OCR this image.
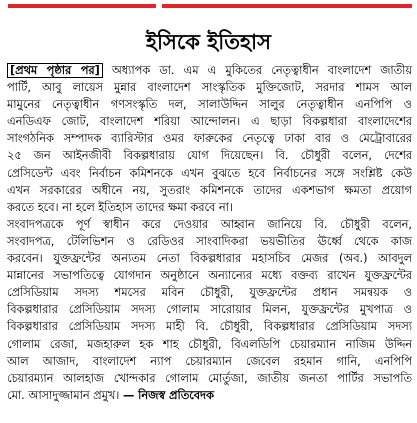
ইসিকে ইতিহাস

[প্রথম পৃষ্ঠার পর] অধ্যাপক ডা. এম এ মুকিতের নেতৃত্বাধীন বাংলাদেশ জাতীয়

পার্টি, আবু লায়েস মুন্নার বাংলাদেশ সাংস্কৃতিক মুক্তিজোট, সরদার শামস আল

মামুনের নেতৃত্বাধীন গণসংস্কৃতি দল, সালাউদ্দিন সালুর নেতৃত্বাধীন এনপিপি ও

এনডিএফ জোট, বাংলাদেশ শরিয়া আন্দোলন। এ ছাড়া বিকল্পধারা বাংলাদেশের

সাংগঠনিক সম্পাদক ব্যারিস্টার ওমর ফারুকের নেতৃত্বে ঢাকা বার ও মেট্রোবারের

২৫ জন আইনজীবী বিকল্পধারায় যোগ দিয়েছেন। বি. চৌধুরী বলেন, দেশের

প্রেসিডেন্ট এবং নির্বাচন কমিশনকে এখন বুঝতে হবে নির্বাচনের সঙ্গে সংশ্লিষ্ট কেউ

এখন সরকারের অধীনে নয়, সুতরাং কমিশনকে তাদের একশভাগ ক্ষমতা প্রয়োগ

করতে হবে। না হলে ইতিহাস তাদের ক্ষমা করবে না।

সংবাদপত্রকে পূর্ণ স্বাধীন করে দেওয়ার আহ্বান জানিয়ে বি. চৌধুরী বলেন,

সংবাদপত্র, টেলিভিশন ও রেডিওর সাংবাদিকরা ভয়ভীতির ঊর্ধ্বে থেকে কাজ

করবেন। যুক্তফ্রন্টের অন্যতম নেতা বিকল্পধারার মহাসচিব মেজর (অব.) আবদুল

মান্নানের সভাপতিত্বে যোগদান অনুষ্ঠানে অন্যান্যের মধ্যে বক্তব্য রাখেন যুক্তফ্রন্টের

প্রেসিডিয়াম সদস্য শমসের মবিন চৌধুরী, যুক্তফ্রন্টের প্রধান সমন্বয়ক ও

বিকল্পধারার প্রেসিডিয়াম সদস্য গোলাম সারোয়ার মিলন, যুক্তফ্রন্টের মুখপাত্র ও

বিকল্পধারার প্রেসিডিয়াম সদস্য মাহী বি. চৌধুরী, বিকল্পধারার প্রেসিডিয়াম সদস্য

গোলাম রেজা, মজহারুল হক শাহ চৌধুরী, বিএলডিপি চেয়ারম্যান নাজিম উদ্দিন

আল আজাদ, বাংলাদেশ ন্যাপ চেয়ারম্যান জেবেল রহমান গানি, এনপিপি

চেয়ারম্যান আলহাজ খোন্দকার গোলাম মোর্তুজা, জাতীয় জনতা পার্টির সভাপতি

মো. আসাদুজ্জামান প্রমুখ। — নিজস্ব প্রতিবেদক
